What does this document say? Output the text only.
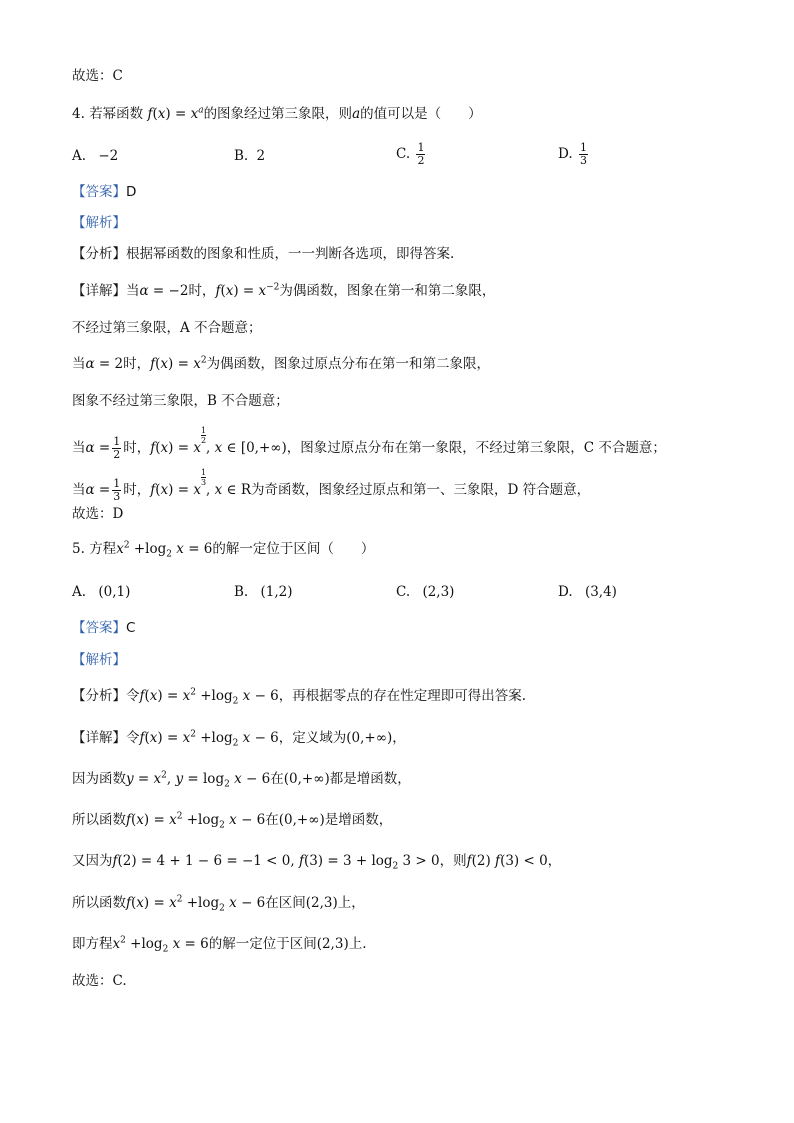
故选：C
4. 若幂函数 $f(x) = x^a$的图象经过第三象限，则a的值可以是（　　）
A. −2	B. 2	C. $\frac{1}{2}$	D. $\frac{1}{3}$
【答案】D
【解析】
【分析】根据幂函数的图象和性质，一一判断各选项，即得答案.
【详解】当α = −2时，$f(x) = x^{-2}$为偶函数，图象在第一和第二象限，
不经过第三象限，A 不合题意；
当α = 2时，$f(x) = x^2$为偶函数，图象过原点分布在第一和第二象限，
图象不经过第三象限，B 不合题意；
当$\alpha = \frac{1}{2}$ 时，f(x) = x
$\frac{1}{2}$
, x ∈ [0,+∞)，图象过原点分布在第一象限，不经过第三象限，C 不合题意；
当$\alpha = \frac{1}{3}$ 时，f(x) = x
$\frac{1}{3}$
, x ∈ R为奇函数，图象经过原点和第一、三象限，D 符合题意，
故选：D
5. 方程$x^2 +\log_2$ x = 6的解一定位于区间（　　）
A. (0,1)	B. (1,2)	C. (2,3)	D. (3,4)
【答案】C
【解析】
【分析】令$f(x) = x^2 +\log_2$ x − 6，再根据零点的存在性定理即可得出答案.
【详解】令$f(x) = x^2 +\log_2$ x − 6，定义域为(0,+∞)，
因为函数$y = x^2$, $y = \log_2 x - 6$在(0,+∞)都是增函数，
所以函数$f(x) = x^2 +\log_2$ x − 6在(0,+∞)是增函数，
又因为f(2) = 4 + 1 − 6 = −1 < 0, $f(3) = 3 + \log_2 3 > 0$，则f(2) f(3) < 0，
所以函数$f(x) = x^2 +\log_2$ x − 6在区间(2,3)上，
即方程$x^2 +\log_2$ x = 6的解一定位于区间(2,3)上.
故选：C.
